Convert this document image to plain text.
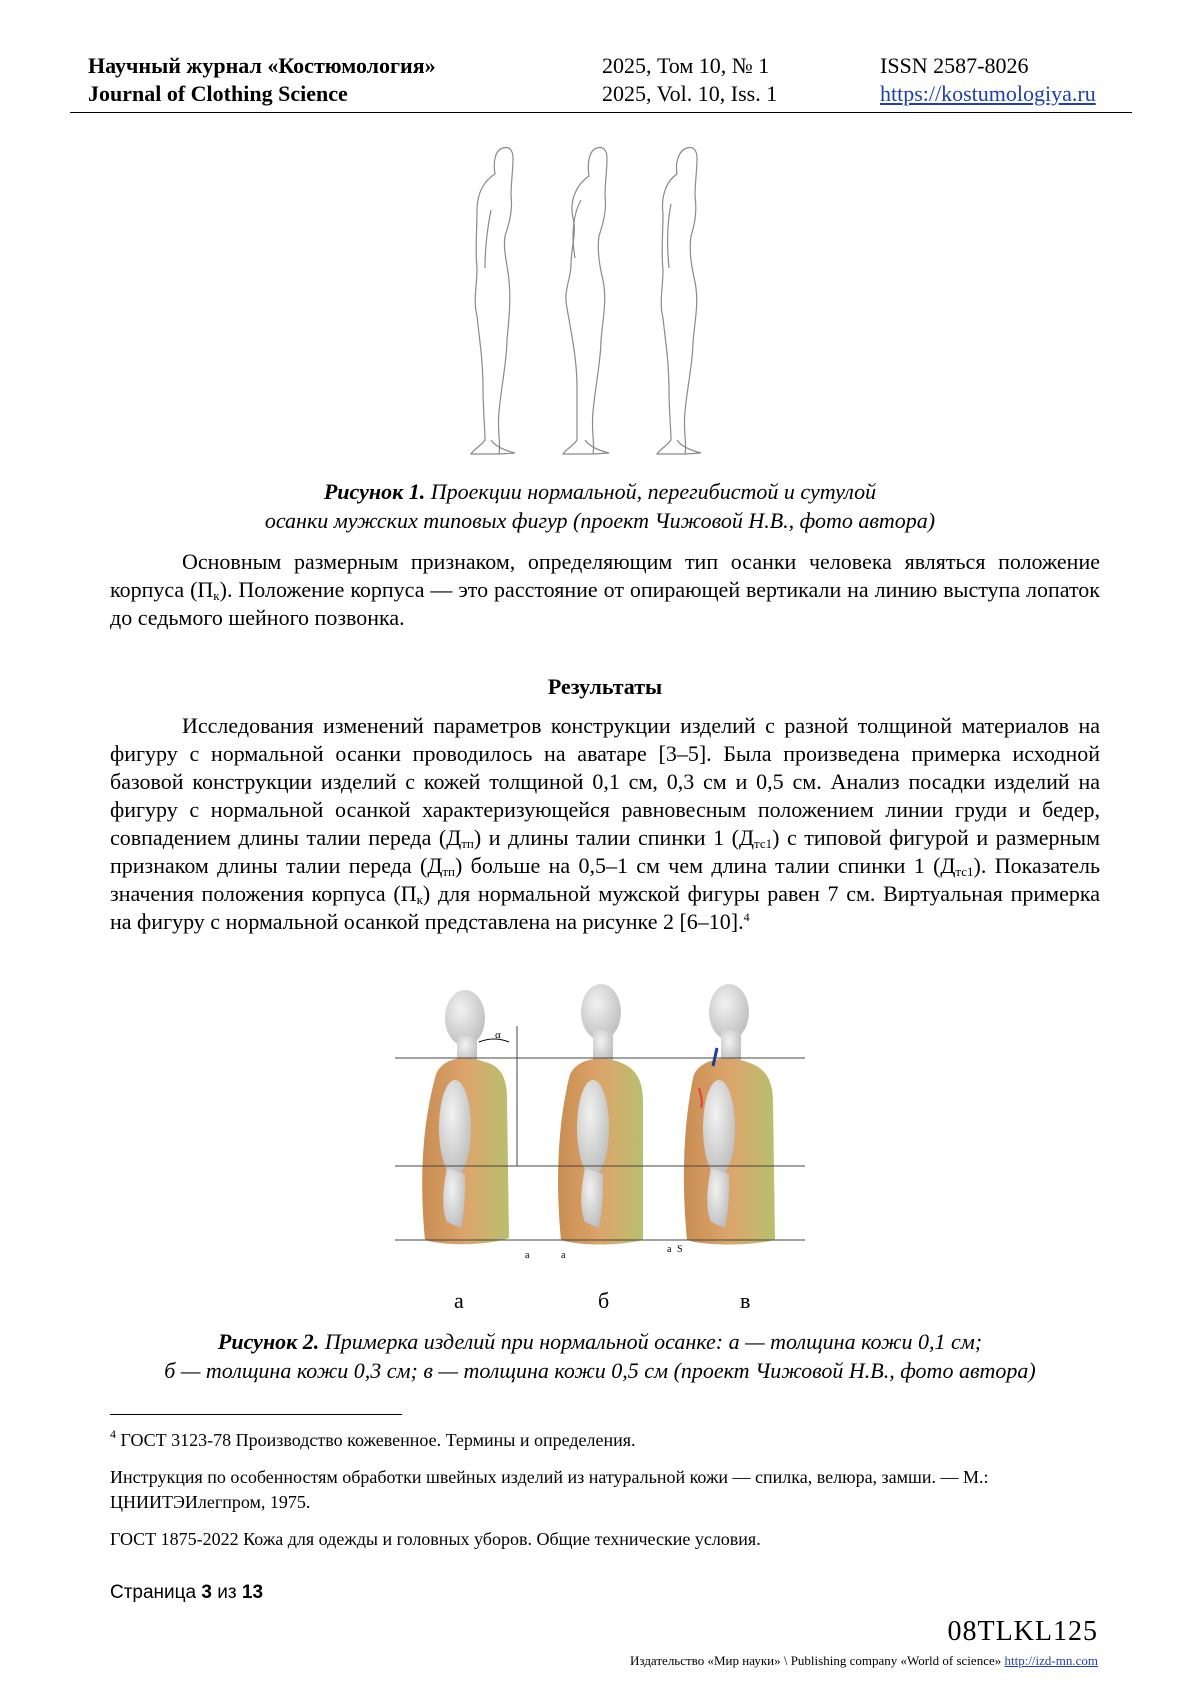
Научный журнал «Костюмология»
Journal of Clothing Science
2025, Том 10, № 1
2025, Vol. 10, Iss. 1
ISSN 2587-8026
https://kostumologiya.ru
Рисунок 1. Проекции нормальной, перегибистой и сутулой
осанки мужских типовых фигур (проект Чижовой Н.В., фото автора)

Основным размерным признаком, определяющим тип осанки человека являться положение корпуса $(П_к)$. Положение корпуса — это расстояние от опирающей вертикали на линию выступа лопаток до седьмого шейного позвонка.

Результаты

Исследования изменений параметров конструкции изделий с разной толщиной материалов на фигуру с нормальной осанки проводилось на аватаре [3–5]. Была произведена примерка исходной базовой конструкции изделий с кожей толщиной 0,1 см, 0,3 см и 0,5 см. Анализ посадки изделий на фигуру с нормальной осанкой характеризующейся равновесным положением линии груди и бедер, совпадением длины талии переда $(Д_{тп})$ и длины талии спинки 1 $(Д_{тс1})$ с типовой фигурой и размерным признаком длины талии переда $(Д_{тп})$ больше на 0,5–1 см чем длина талии спинки 1 $(Д_{тс1})$. Показатель значения положения корпуса $(П_к)$ для нормальной мужской фигуры равен 7 см. Виртуальная примерка на фигуру с нормальной осанкой представлена на рисунке 2 [6–10].$^4$

α
a	a
a S
а	б	в
Рисунок 2. Примерка изделий при нормальной осанке: а — толщина кожи 0,1 см;
б — толщина кожи 0,3 см; в — толщина кожи 0,5 см (проект Чижовой Н.В., фото автора)

$^4$ ГОСТ 3123-78 Производство кожевенное. Термины и определения.

Инструкция по особенностям обработки швейных изделий из натуральной кожи — спилка, велюра, замши. — М.: ЦНИИТЭИлегпром, 1975.

ГОСТ 1875-2022 Кожа для одежды и головных уборов. Общие технические условия.

Страница 3 из 13
08TLKL125
Издательство «Мир науки» \ Publishing company «World of science» http://izd-mn.com
